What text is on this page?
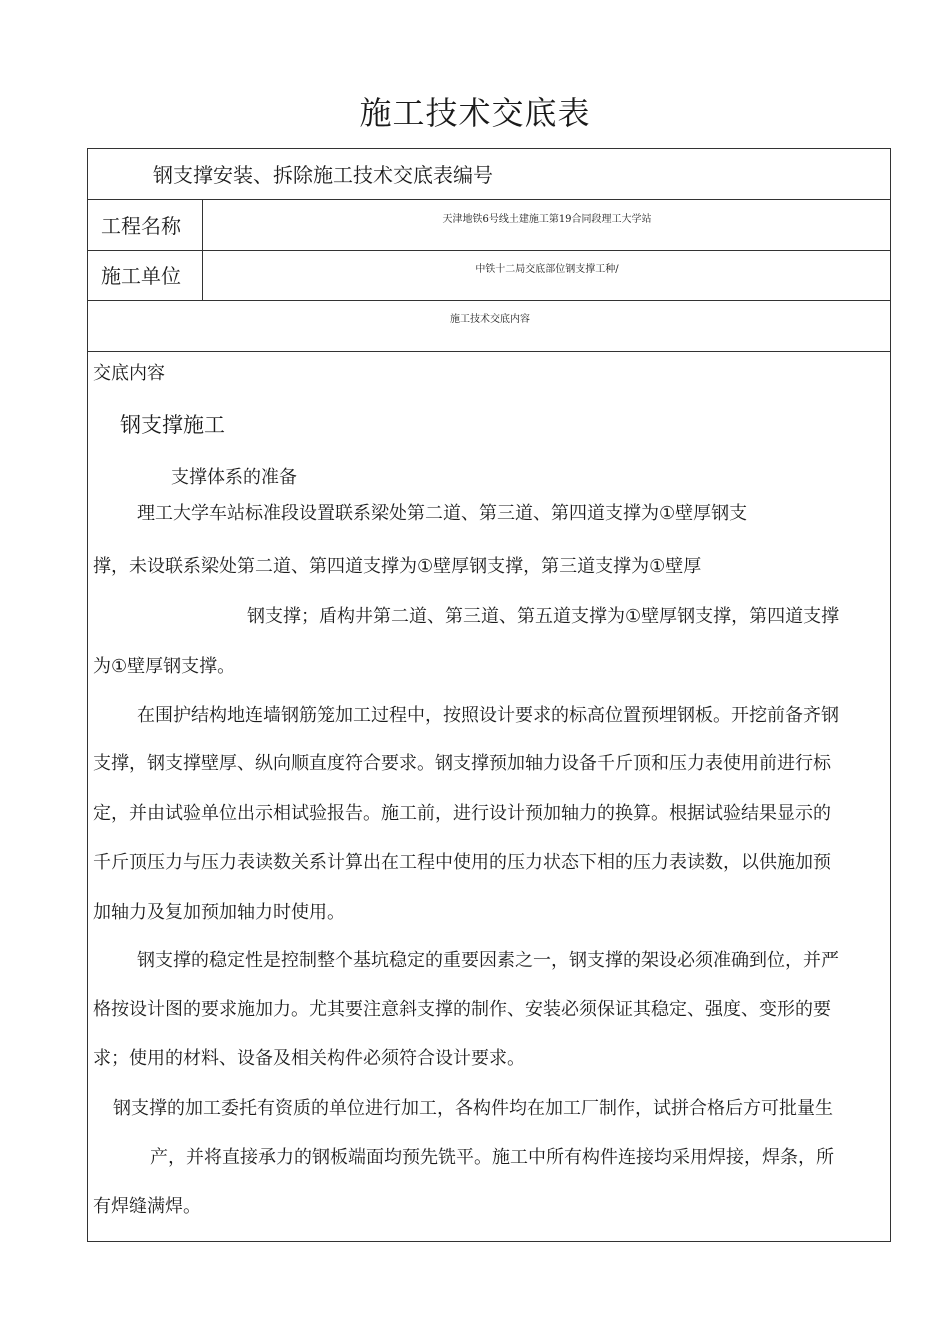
施工技术交底表
钢支撑安装、拆除施工技术交底表编号
工程名称	天津地铁6号线土建施工第19合同段理工大学站
施工单位	中铁十二局交底部位钢支撑工种/
施工技术交底内容
交底内容
钢支撑施工
支撑体系的准备
理工大学车站标准段设置联系梁处第二道、第三道、第四道支撑为①壁厚钢支
撑，未设联系梁处第二道、第四道支撑为①壁厚钢支撑，第三道支撑为①壁厚
钢支撑；盾构井第二道、第三道、第五道支撑为①壁厚钢支撑，第四道支撑
为①壁厚钢支撑。
在围护结构地连墙钢筋笼加工过程中，按照设计要求的标高位置预埋钢板。开挖前备齐钢
支撑，钢支撑壁厚、纵向顺直度符合要求。钢支撑预加轴力设备千斤顶和压力表使用前进行标
定，并由试验单位出示相试验报告。施工前，进行设计预加轴力的换算。根据试验结果显示的
千斤顶压力与压力表读数关系计算出在工程中使用的压力状态下相的压力表读数，以供施加预
加轴力及复加预加轴力时使用。
钢支撑的稳定性是控制整个基坑稳定的重要因素之一，钢支撑的架设必须准确到位，并严
格按设计图的要求施加力。尤其要注意斜支撑的制作、安装必须保证其稳定、强度、变形的要
求；使用的材料、设备及相关构件必须符合设计要求。
钢支撑的加工委托有资质的单位进行加工，各构件均在加工厂制作，试拼合格后方可批量生
产，并将直接承力的钢板端面均预先铣平。施工中所有构件连接均采用焊接，焊条，所
有焊缝满焊。
